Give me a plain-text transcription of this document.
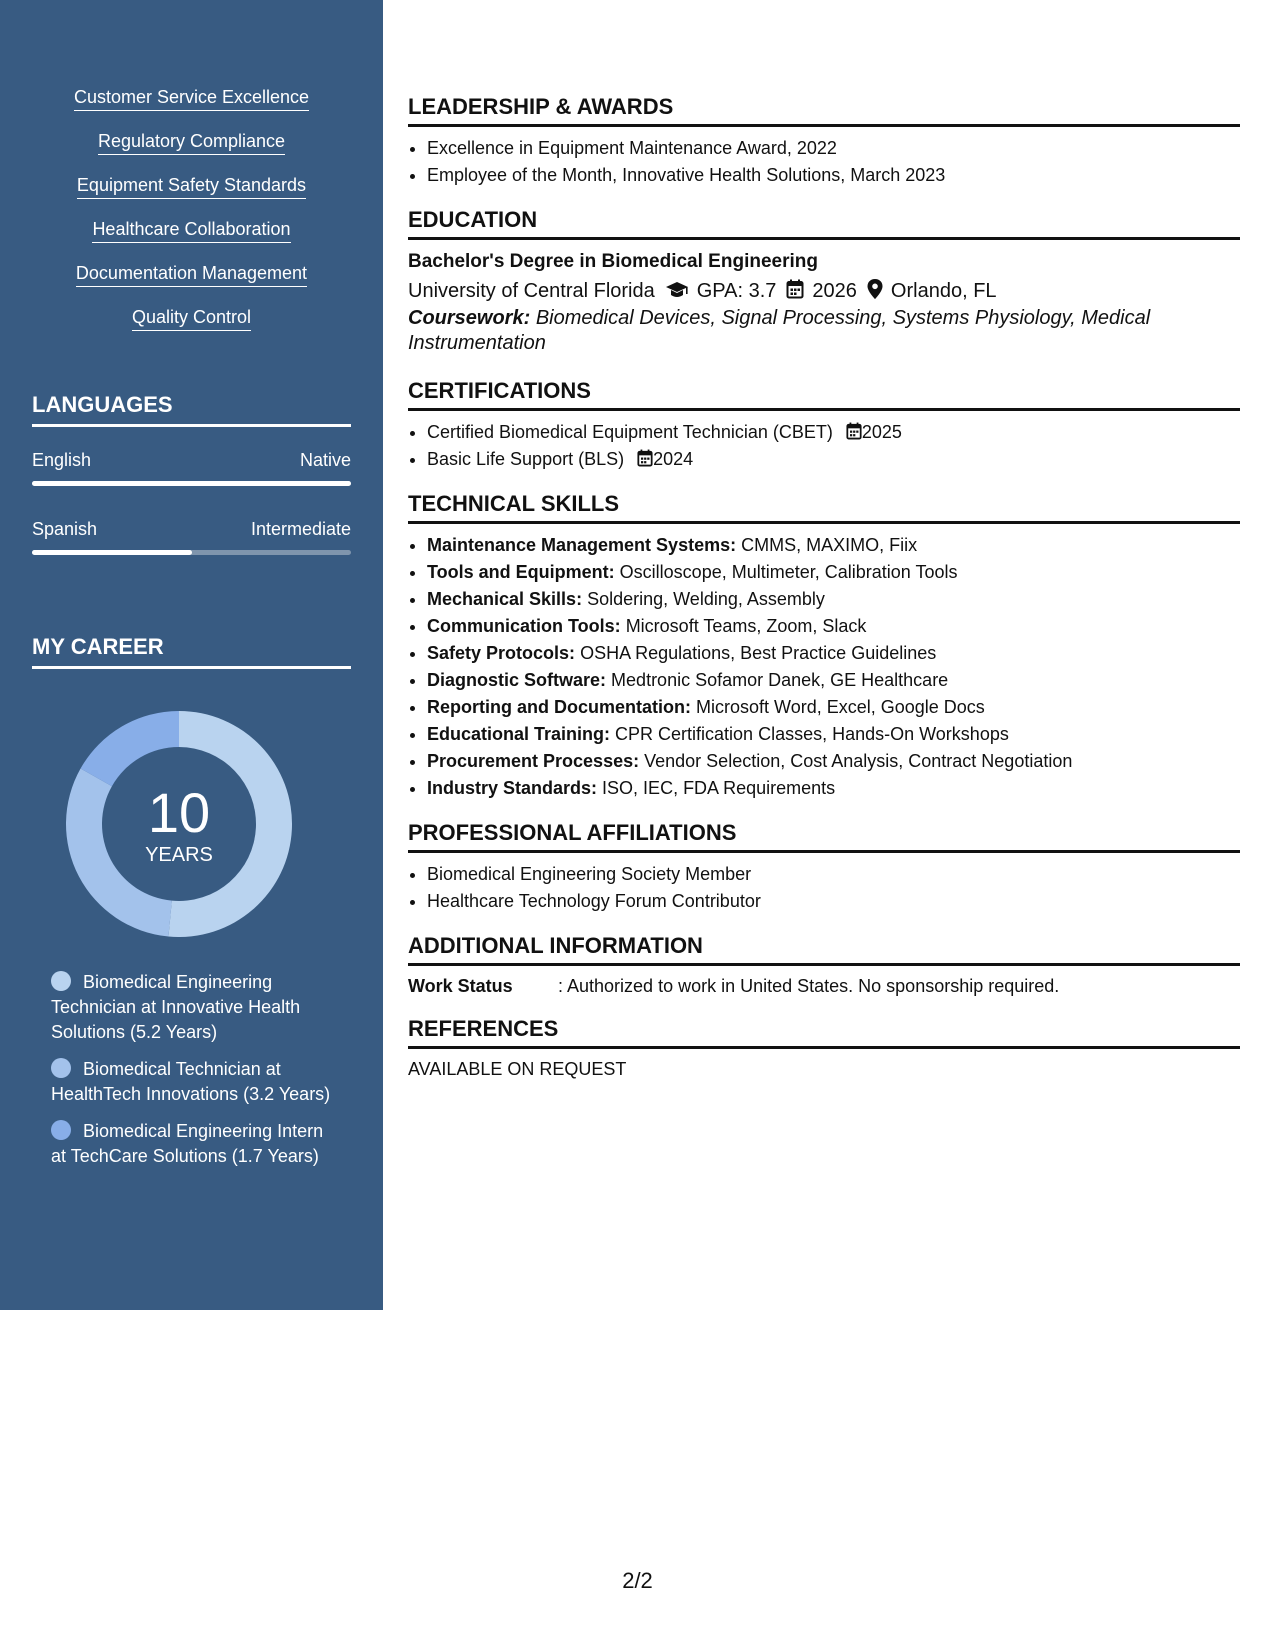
Customer Service Excellence
Regulatory Compliance
Equipment Safety Standards
Healthcare Collaboration
Documentation Management
Quality Control
LANGUAGES
English	Native
Spanish	Intermediate
MY CAREER
10
YEARS
Biomedical Engineering Technician at Innovative Health Solutions (5.2 Years)
Biomedical Technician at HealthTech Innovations (3.2 Years)
Biomedical Engineering Intern at TechCare Solutions (1.7 Years)
LEADERSHIP & AWARDS
• Excellence in Equipment Maintenance Award, 2022
• Employee of the Month, Innovative Health Solutions, March 2023
EDUCATION
Bachelor's Degree in Biomedical Engineering
University of Central Florida GPA: 3.7 2026 Orlando, FL
Coursework: Biomedical Devices, Signal Processing, Systems Physiology, Medical Instrumentation
CERTIFICATIONS
• Certified Biomedical Equipment Technician (CBET) 2025
• Basic Life Support (BLS) 2024
TECHNICAL SKILLS
• Maintenance Management Systems: CMMS, MAXIMO, Fiix
• Tools and Equipment: Oscilloscope, Multimeter, Calibration Tools
• Mechanical Skills: Soldering, Welding, Assembly
• Communication Tools: Microsoft Teams, Zoom, Slack
• Safety Protocols: OSHA Regulations, Best Practice Guidelines
• Diagnostic Software: Medtronic Sofamor Danek, GE Healthcare
• Reporting and Documentation: Microsoft Word, Excel, Google Docs
• Educational Training: CPR Certification Classes, Hands-On Workshops
• Procurement Processes: Vendor Selection, Cost Analysis, Contract Negotiation
• Industry Standards: ISO, IEC, FDA Requirements
PROFESSIONAL AFFILIATIONS
• Biomedical Engineering Society Member
• Healthcare Technology Forum Contributor
ADDITIONAL INFORMATION
Work Status	: Authorized to work in United States. No sponsorship required.
REFERENCES
AVAILABLE ON REQUEST
2/2
